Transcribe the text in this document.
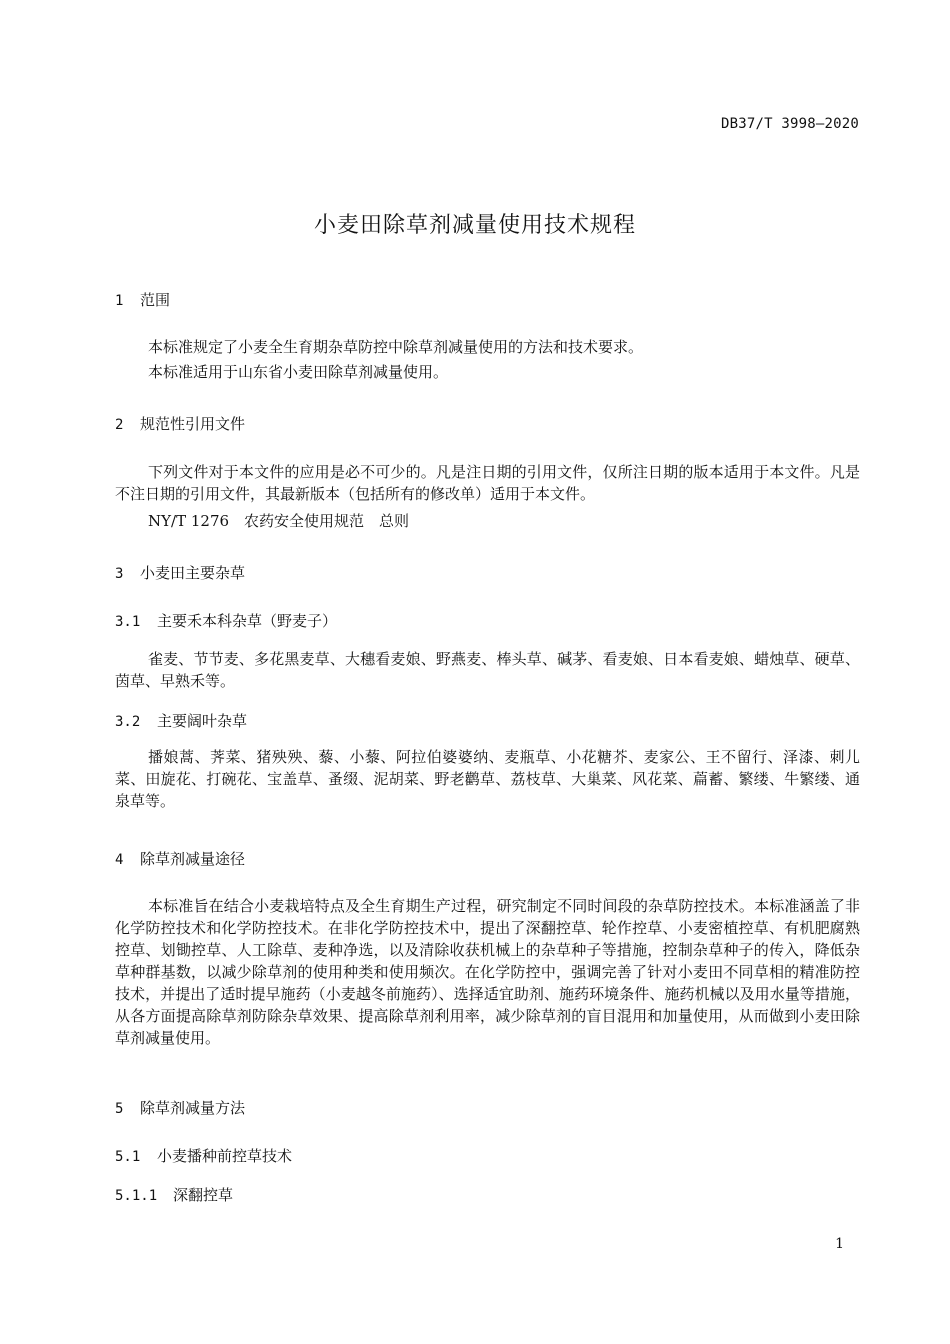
DB37/T 3998—2020
小麦田除草剂减量使用技术规程
1 范围
本标准规定了小麦全生育期杂草防控中除草剂减量使用的方法和技术要求。
本标准适用于山东省小麦田除草剂减量使用。
2 规范性引用文件
下列文件对于本文件的应用是必不可少的。凡是注日期的引用文件，仅所注日期的版本适用于本文件。凡是不注日期的引用文件，其最新版本（包括所有的修改单）适用于本文件。
NY/T 1276　农药安全使用规范　总则
3 小麦田主要杂草
3.1 主要禾本科杂草（野麦子）
雀麦、节节麦、多花黑麦草、大穗看麦娘、野燕麦、棒头草、碱茅、看麦娘、日本看麦娘、蜡烛草、硬草、茵草、早熟禾等。
3.2 主要阔叶杂草
播娘蒿、荠菜、猪殃殃、藜、小藜、阿拉伯婆婆纳、麦瓶草、小花糖芥、麦家公、王不留行、泽漆、刺儿菜、田旋花、打碗花、宝盖草、蚤缀、泥胡菜、野老鹳草、荔枝草、大巢菜、风花菜、萹蓄、繁缕、牛繁缕、通泉草等。
4 除草剂减量途径
本标准旨在结合小麦栽培特点及全生育期生产过程，研究制定不同时间段的杂草防控技术。本标准涵盖了非化学防控技术和化学防控技术。在非化学防控技术中，提出了深翻控草、轮作控草、小麦密植控草、有机肥腐熟控草、划锄控草、人工除草、麦种净选，以及清除收获机械上的杂草种子等措施，控制杂草种子的传入，降低杂草种群基数，以减少除草剂的使用种类和使用频次。在化学防控中，强调完善了针对小麦田不同草相的精准防控技术，并提出了适时提早施药（小麦越冬前施药）、选择适宜助剂、施药环境条件、施药机械以及用水量等措施，从各方面提高除草剂防除杂草效果、提高除草剂利用率，减少除草剂的盲目混用和加量使用，从而做到小麦田除草剂减量使用。
5 除草剂减量方法
5.1 小麦播种前控草技术
5.1.1 深翻控草
1
